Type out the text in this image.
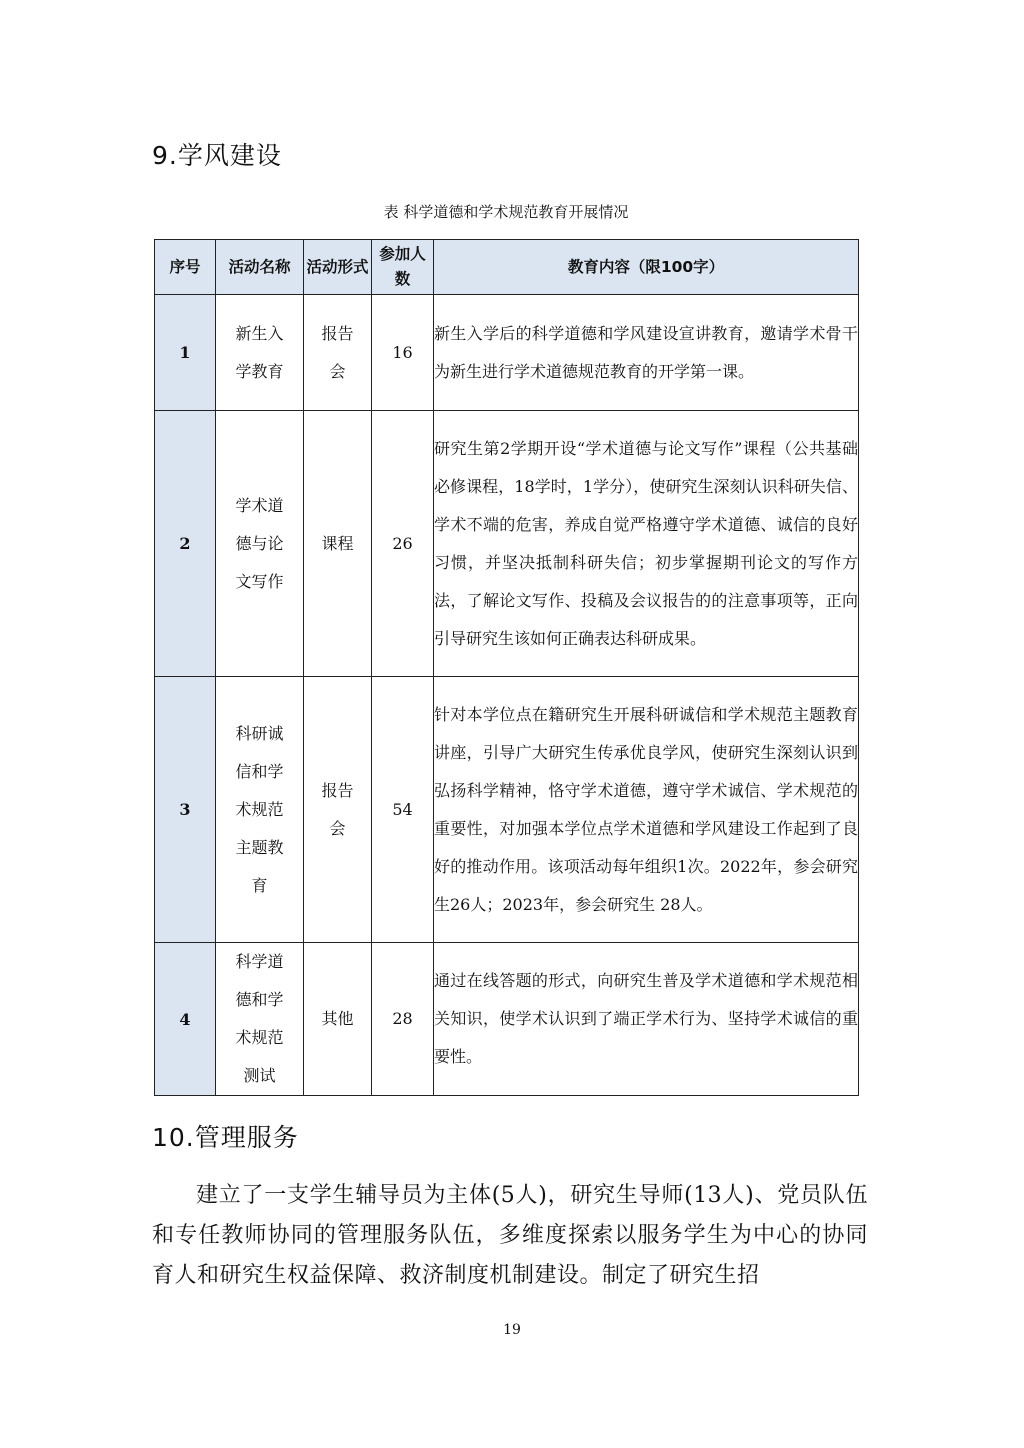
9.学风建设
表 科学道德和学术规范教育开展情况
序号	活动名称	活动形式	参加人数	教育内容（限100字）
1	新生入学教育	报告会	16	新生入学后的科学道德和学风建设宣讲教育，邀请学术骨干为新生进行学术道德规范教育的开学第一课。
2	学术道德与论文写作	课程	26	研究生第2学期开设“学术道德与论文写作”课程（公共基础必修课程，18学时，1学分），使研究生深刻认识科研失信、学术不端的危害，养成自觉严格遵守学术道德、诚信的良好习惯，并坚决抵制科研失信；初步掌握期刊论文的写作方法，了解论文写作、投稿及会议报告的的注意事项等，正向引导研究生该如何正确表达科研成果。
3	科研诚信和学术规范主题教育	报告会	54	针对本学位点在籍研究生开展科研诚信和学术规范主题教育讲座，引导广大研究生传承优良学风，使研究生深刻认识到弘扬科学精神，恪守学术道德，遵守学术诚信、学术规范的重要性，对加强本学位点学术道德和学风建设工作起到了良好的推动作用。该项活动每年组织1次。2022年，参会研究生26人；2023年，参会研究生 28人。
4	科学道德和学术规范测试	其他	28	通过在线答题的形式，向研究生普及学术道德和学术规范相关知识，使学术认识到了端正学术行为、坚持学术诚信的重要性。
10.管理服务
建立了一支学生辅导员为主体(5人)，研究生导师(13人)、党员队伍和专任教师协同的管理服务队伍，多维度探索以服务学生为中心的协同育人和研究生权益保障、救济制度机制建设。制定了研究生招
19
